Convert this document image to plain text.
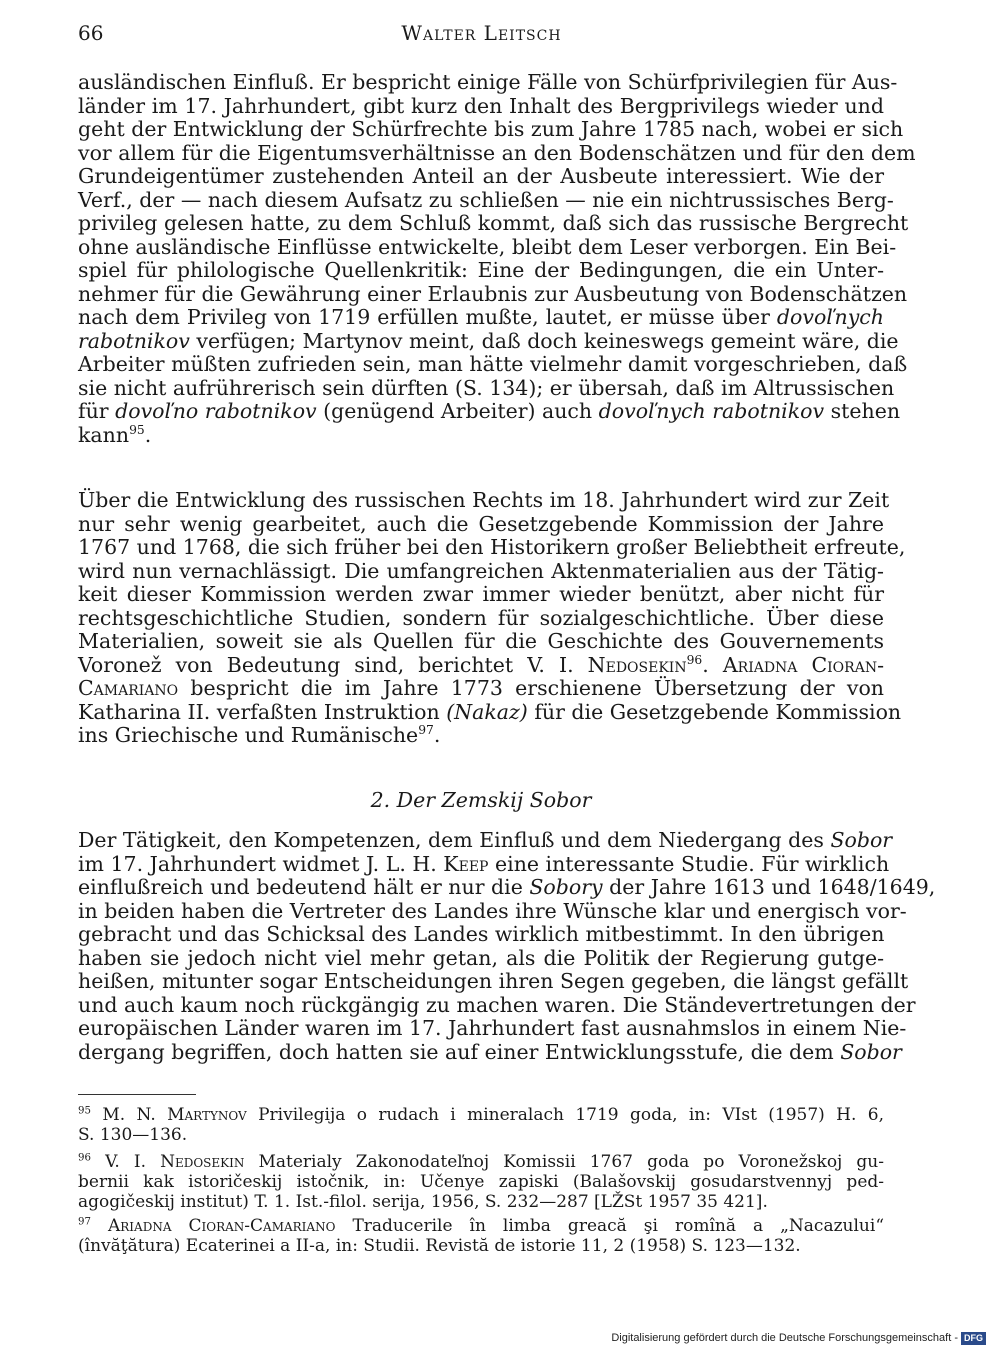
66	Walter Leitsch
ausländischen Einfluß. Er bespricht einige Fälle von Schürfprivilegien für Aus-
länder im 17. Jahrhundert, gibt kurz den Inhalt des Bergprivilegs wieder und
geht der Entwicklung der Schürfrechte bis zum Jahre 1785 nach, wobei er sich
vor allem für die Eigentumsverhältnisse an den Bodenschätzen und für den dem
Grundeigentümer zustehenden Anteil an der Ausbeute interessiert. Wie der
Verf., der — nach diesem Aufsatz zu schließen — nie ein nichtrussisches Berg-
privileg gelesen hatte, zu dem Schluß kommt, daß sich das russische Bergrecht
ohne ausländische Einflüsse entwickelte, bleibt dem Leser verborgen. Ein Bei-
spiel für philologische Quellenkritik: Eine der Bedingungen, die ein Unter-
nehmer für die Gewährung einer Erlaubnis zur Ausbeutung von Bodenschätzen
nach dem Privileg von 1719 erfüllen mußte, lautet, er müsse über dovoľnych
rabotnikov verfügen; Martynov meint, daß doch keineswegs gemeint wäre, die
Arbeiter müßten zufrieden sein, man hätte vielmehr damit vorgeschrieben, daß
sie nicht aufrührerisch sein dürften (S. 134); er übersah, daß im Altrussischen
für dovoľno rabotnikov (genügend Arbeiter) auch dovoľnych rabotnikov stehen
kann$^{95}$.
Über die Entwicklung des russischen Rechts im 18. Jahrhundert wird zur Zeit
nur sehr wenig gearbeitet, auch die Gesetzgebende Kommission der Jahre
1767 und 1768, die sich früher bei den Historikern großer Beliebtheit erfreute,
wird nun vernachlässigt. Die umfangreichen Aktenmaterialien aus der Tätig-
keit dieser Kommission werden zwar immer wieder benützt, aber nicht für
rechtsgeschichtliche Studien, sondern für sozialgeschichtliche. Über diese
Materialien, soweit sie als Quellen für die Geschichte des Gouvernements
Voronež von Bedeutung sind, berichtet V. I. Nedosekin$^{96}$. Ariadna Cioran-
Camariano bespricht die im Jahre 1773 erschienene Übersetzung der von
Katharina II. verfaßten Instruktion (Nakaz) für die Gesetzgebende Kommission
ins Griechische und Rumänische$^{97}$.
2. Der Zemskij Sobor
Der Tätigkeit, den Kompetenzen, dem Einfluß und dem Niedergang des Sobor
im 17. Jahrhundert widmet J. L. H. Keep eine interessante Studie. Für wirklich
einflußreich und bedeutend hält er nur die Sobory der Jahre 1613 und 1648/1649,
in beiden haben die Vertreter des Landes ihre Wünsche klar und energisch vor-
gebracht und das Schicksal des Landes wirklich mitbestimmt. In den übrigen
haben sie jedoch nicht viel mehr getan, als die Politik der Regierung gutge-
heißen, mitunter sogar Entscheidungen ihren Segen gegeben, die längst gefällt
und auch kaum noch rückgängig zu machen waren. Die Ständevertretungen der
europäischen Länder waren im 17. Jahrhundert fast ausnahmslos in einem Nie-
dergang begriffen, doch hatten sie auf einer Entwicklungsstufe, die dem Sobor
$^{95}$ M. N. Martynov Privilegija o rudach i mineralach 1719 goda, in: VIst (1957) H. 6,
S. 130—136.
$^{96}$ V. I. Nedosekin Materialy Zakonodateľnoj Komissii 1767 goda po Voronežskoj gu-
bernii kak istoričeskij istočnik, in: Učenye zapiski (Balašovskij gosudarstvennyj ped-
agogičeskij institut) T. 1. Ist.-filol. serija, 1956, S. 232—287 [LŽSt 1957 35 421].
$^{97}$ Ariadna Cioran-Camariano Traducerile în limba greacă şi romînă a „Nacazului“
(învăţătura) Ecaterinei a II-a, in: Studii. Revistă de istorie 11, 2 (1958) S. 123—132.
Digitalisierung gefördert durch die Deutsche Forschungsgemeinschaft - DFG
